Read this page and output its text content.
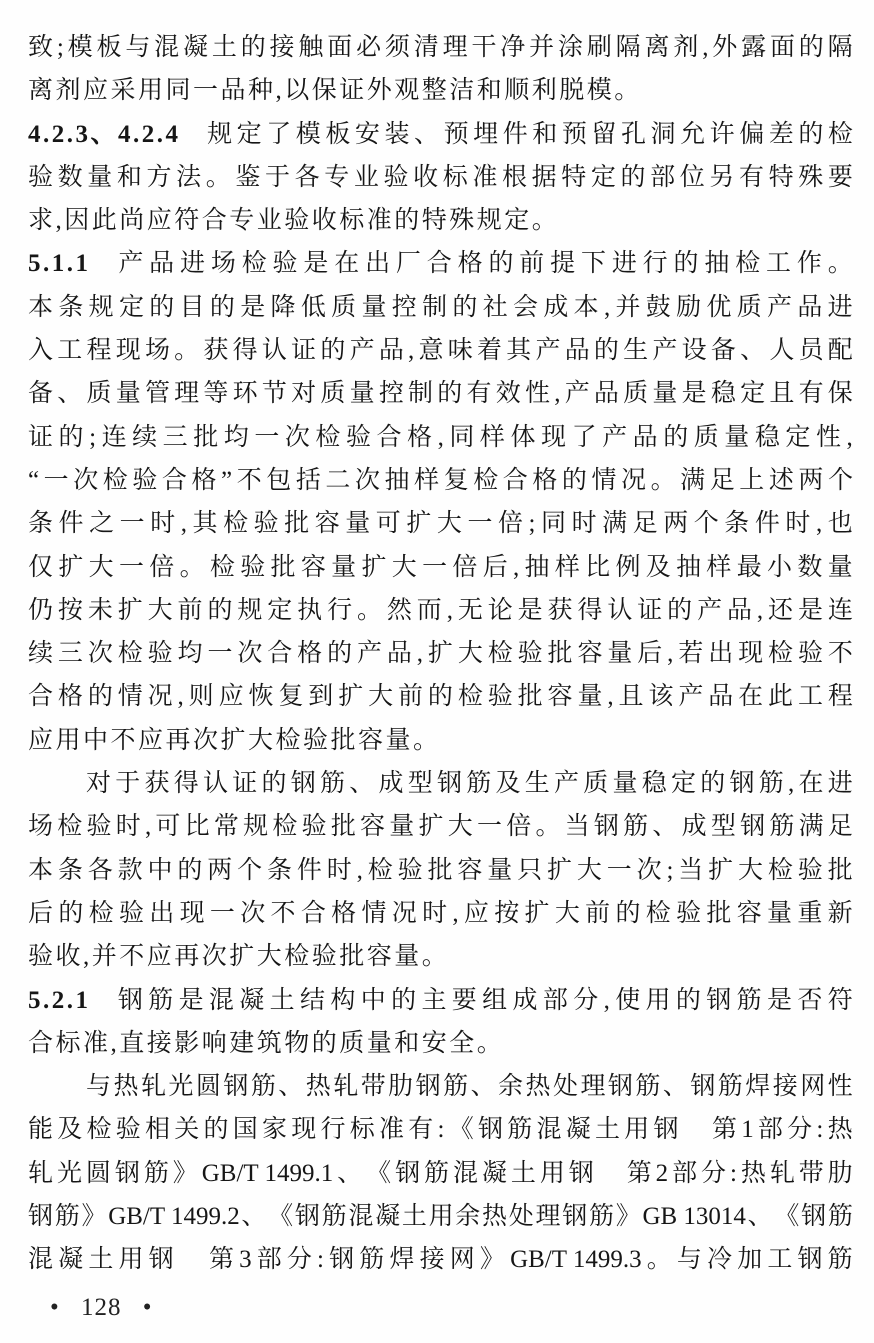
致 ; 模 板 与 混 凝 土 的 接 触 面 必 须 清 理 干 净 并 涂 刷 隔 离 剂 , 外 露 面 的 隔
离剂应采用同一品种,以保证外观整洁和顺利脱模。
4.2.3、4.2.4	规 定 了 模 板 安 装 、 预 埋 件 和 预 留 孔 洞 允 许 偏 差 的 检
验 数 量 和 方 法 。 鉴 于 各 专 业 验 收 标 准 根 据 特 定 的 部 位 另 有 特 殊 要
求,因此尚应符合专业验收标准的特殊规定。
5.1.1	产 品 进 场 检 验 是 在 出 厂 合 格 的 前 提 下 进 行 的 抽 检 工 作 。
本 条 规 定 的 目 的 是 降 低 质 量 控 制 的 社 会 成 本 , 并 鼓 励 优 质 产 品 进
入 工 程 现 场 。 获 得 认 证 的 产 品 , 意 味 着 其 产 品 的 生 产 设 备 、 人 员 配
备 、 质 量 管 理 等 环 节 对 质 量 控 制 的 有 效 性 , 产 品 质 量 是 稳 定 且 有 保
证 的 ; 连 续 三 批 均 一 次 检 验 合 格 , 同 样 体 现 了 产 品 的 质 量 稳 定 性 ,
“ 一 次 检 验 合 格 ” 不 包 括 二 次 抽 样 复 检 合 格 的 情 况 。 满 足 上 述 两 个
条 件 之 一 时 , 其 检 验 批 容 量 可 扩 大 一 倍 ; 同 时 满 足 两 个 条 件 时 , 也
仅 扩 大 一 倍 。 检 验 批 容 量 扩 大 一 倍 后 , 抽 样 比 例 及 抽 样 最 小 数 量
仍 按 未 扩 大 前 的 规 定 执 行 。 然 而 , 无 论 是 获 得 认 证 的 产 品 , 还 是 连
续 三 次 检 验 均 一 次 合 格 的 产 品 , 扩 大 检 验 批 容 量 后 , 若 出 现 检 验 不
合 格 的 情 况 , 则 应 恢 复 到 扩 大 前 的 检 验 批 容 量 , 且 该 产 品 在 此 工 程
应用中不应再次扩大检验批容量。
对 于 获 得 认 证 的 钢 筋 、 成 型 钢 筋 及 生 产 质 量 稳 定 的 钢 筋 , 在 进
场 检 验 时 , 可 比 常 规 检 验 批 容 量 扩 大 一 倍 。 当 钢 筋 、 成 型 钢 筋 满 足
本 条 各 款 中 的 两 个 条 件 时 , 检 验 批 容 量 只 扩 大 一 次 ; 当 扩 大 检 验 批
后 的 检 验 出 现 一 次 不 合 格 情 况 时 , 应 按 扩 大 前 的 检 验 批 容 量 重 新
验收,并不应再次扩大检验批容量。
5.2.1	钢 筋 是 混 凝 土 结 构 中 的 主 要 组 成 部 分 , 使 用 的 钢 筋 是 否 符
合标准,直接影响建筑物的质量和安全。
与 热 轧 光 圆 钢 筋 、 热 轧 带 肋 钢 筋 、 余 热 处 理 钢 筋 、 钢 筋 焊 接 网 性
能 及 检 验 相 关 的 国 家 现 行 标 准 有 : 《 钢 筋 混 凝 土 用 钢
　 第 1 部 分 : 热
轧 光 圆 钢 筋 》 GB/T 1499.1 、 《 钢 筋 混 凝 土 用 钢
　 第 2 部 分 : 热 轧 带 肋
钢 筋 》 GB/T 1499.2 、 《 钢 筋 混 凝 土 用 余 热 处 理 钢 筋 》 GB 13014 、 《 钢 筋
混 凝 土 用 钢
　 第 3 部 分 : 钢 筋 焊 接 网 》 GB/T 1499.3 。 与 冷 加 工 钢 筋
• 128 •
